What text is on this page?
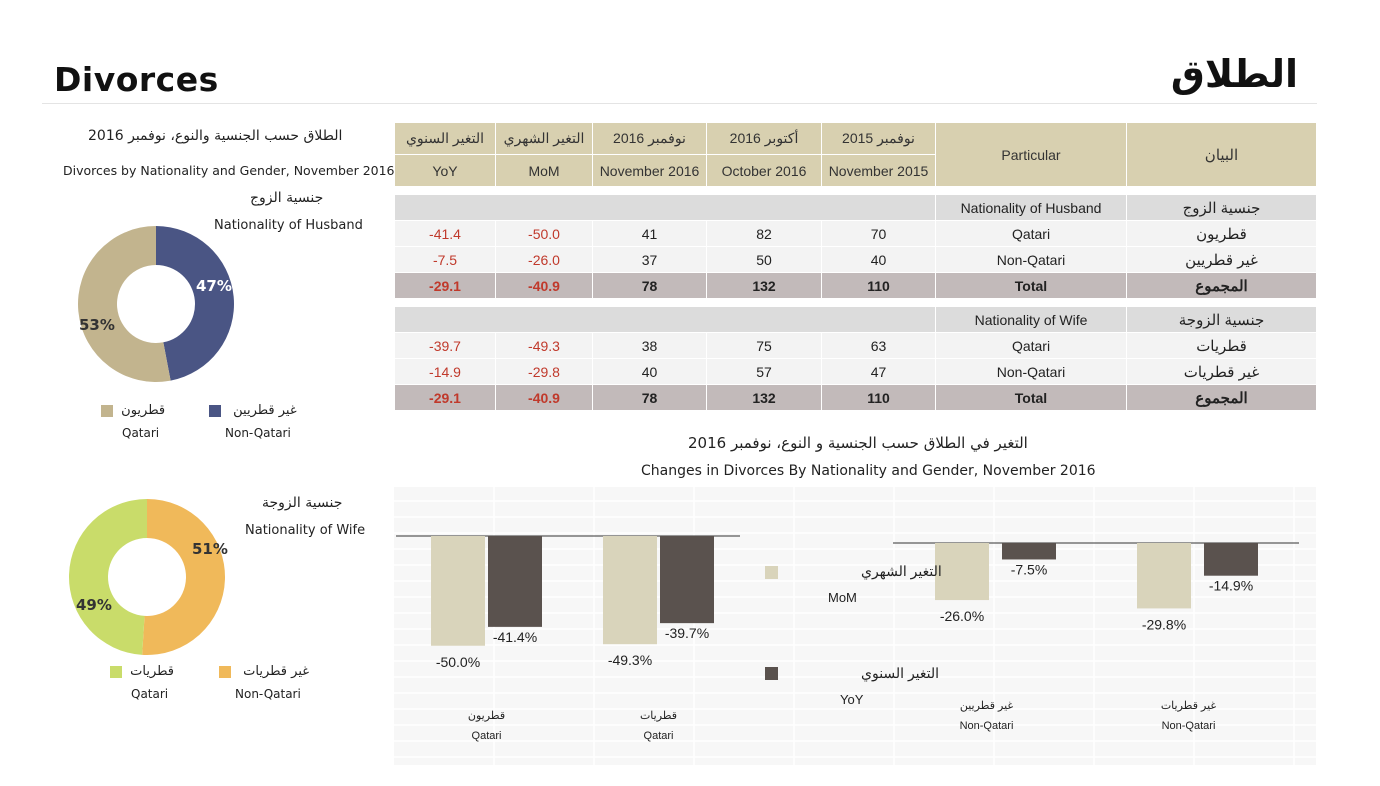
Divorces	الطلاق
الطلاق حسب الجنسية والنوع، نوفمبر 2016
Divorces by Nationality and Gender, November 2016
جنسية الزوج
Nationality of Husband
47%
53%
قطريون
Qatari
غير قطريين
Non-Qatari
جنسية الزوجة
Nationality of Wife
51%
49%
قطريات
Qatari
غير قطريات
Non-Qatari
التغير السنوي	التغير الشهري	نوفمبر 2016	أكتوبر 2016	نوفمبر 2015	Particular	البيان
YoY	MoM	November 2016	October 2016	November 2015		

					Nationality of Husband	جنسية الزوج
-41.4	-50.0	41	82	70	Qatari	قطريون
-7.5	-26.0	37	50	40	Non-Qatari	غير قطريين
-29.1	-40.9	78	132	110	Total	المجموع

					Nationality of Wife	جنسية الزوجة
-39.7	-49.3	38	75	63	Qatari	قطريات
-14.9	-29.8	40	57	47	Non-Qatari	غير قطريات
-29.1	-40.9	78	132	110	Total	المجموع
التغير في الطلاق حسب الجنسية و النوع، نوفمبر 2016
Changes in Divorces By Nationality and Gender, November 2016
-50.0%
-41.4%
-49.3%
-39.7%
-26.0%
-7.5%
-29.8%
-14.9%
قطريون
Qatari
قطريات
Qatari
غير قطريين
Non-Qatari
غير قطريات
Non-Qatari
التغير الشهري
MoM
التغير السنوي
YoY
